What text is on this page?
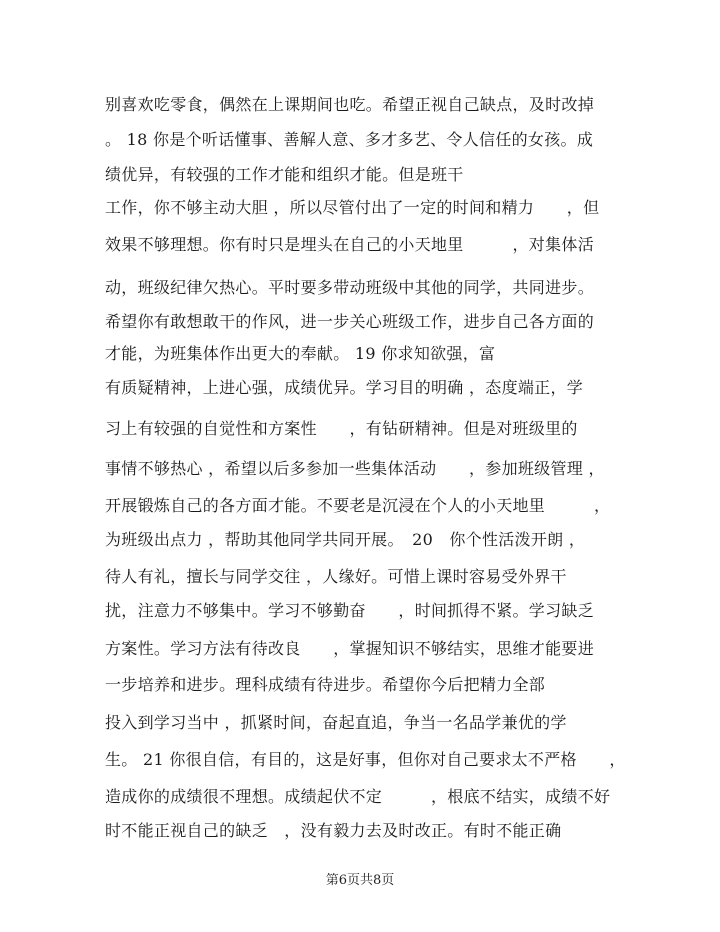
别喜欢吃零食，偶然在上课期间也吃。希望正视自己缺点，及时改掉
。 18 你是个听话懂事、善解人意、多才多艺、令人信任的女孩。成
绩优异，有较强的工作才能和组织才能。但是班干
工作，你不够主动大胆 ，所以尽管付出了一定的时间和精力　　，但
效果不够理想。你有时只是埋头在自己的小天地里　　　，对集体活
动，班级纪律欠热心。平时要多带动班级中其他的同学，共同进步。
希望你有敢想敢干的作风，进一步关心班级工作，进步自己各方面的
才能，为班集体作出更大的奉献。 19 你求知欲强，富
有质疑精神，上进心强，成绩优异。学习目的明确 ，态度端正，学
习上有较强的自觉性和方案性　　，有钻研精神。但是对班级里的
事情不够热心 ，希望以后多参加一些集体活动　　，参加班级管理 ，
开展锻炼自己的各方面才能。不要老是沉浸在个人的小天地里　　　，
为班级出点力 ，帮助其他同学共同开展。　20　你个性活泼开朗 ，
待人有礼，擅长与同学交往 ，人缘好。可惜上课时容易受外界干
扰，注意力不够集中。学习不够勤奋　　，时间抓得不紧。学习缺乏
方案性。学习方法有待改良　　，掌握知识不够结实，思维才能要进
一步培养和进步。理科成绩有待进步。希望你今后把精力全部
投入到学习当中 ，抓紧时间，奋起直追，争当一名品学兼优的学
生。 21 你很自信，有目的，这是好事，但你对自己要求太不严格　　，
造成你的成绩很不理想。成绩起伏不定　　　，根底不结实，成绩不好
时不能正视自己的缺乏　，没有毅力去及时改正。有时不能正确
第6页共8页
